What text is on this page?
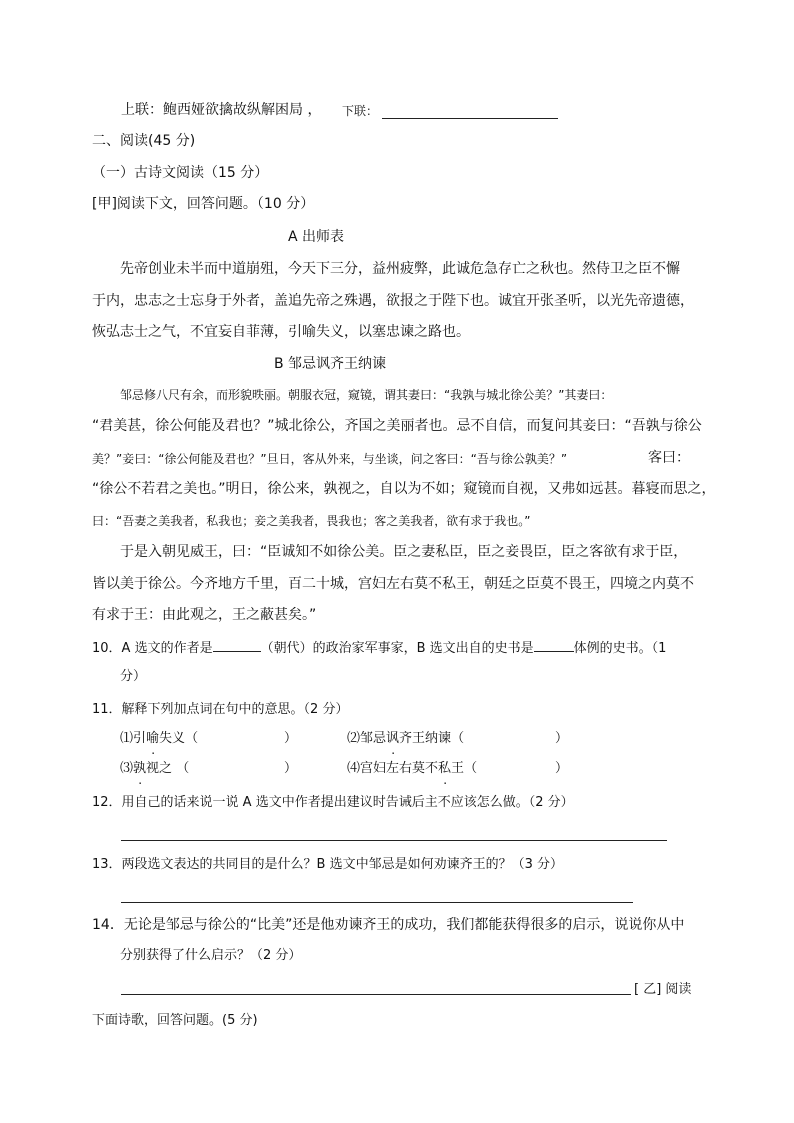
上联：鲍西娅欲擒故纵解困局 ， 下联：
二、阅读(45 分)
（一）古诗文阅读（15 分）
[甲]阅读下文，回答问题。（10 分）
A 出师表
先帝创业未半而中道崩殂，今天下三分，益州疲弊，此诚危急存亡之秋也。然侍卫之臣不懈
于内，忠志之士忘身于外者，盖追先帝之殊遇，欲报之于陛下也。诚宜开张圣听，以光先帝遗德，
恢弘志士之气，不宜妄自菲薄，引喻失义，以塞忠谏之路也。
B 邹忌讽齐王纳谏
邹忌修八尺有余，而形貌昳丽。朝服衣冠，窥镜，谓其妻曰：“我孰与城北徐公美？”其妻曰：
“君美甚，徐公何能及君也？”城北徐公，齐国之美丽者也。忌不自信，而复问其妾曰：“吾孰与徐公
美？”妾曰：“徐公何能及君也？”旦日，客从外来，与坐谈，问之客曰：“吾与徐公孰美？”	客曰：
“徐公不若君之美也。”明日，徐公来，孰视之，自以为不如；窥镜而自视，又弗如远甚。暮寝而思之，
曰：“吾妻之美我者，私我也；妾之美我者，畏我也；客之美我者，欲有求于我也。”
于是入朝见威王，曰：“臣诚知不如徐公美。臣之妻私臣，臣之妾畏臣，臣之客欲有求于臣，
皆以美于徐公。今齐地方千里，百二十城，宫妇左右莫不私王，朝廷之臣莫不畏王，四境之内莫不
有求于王：由此观之，王之蔽甚矣。”
10．A 选文的作者是	（朝代）的政治家军事家，B 选文出自的史书是	体例的史书。（1
分）
11．解释下列加点词在句中的意思。（2 分）
⑴引喻失义（	）	⑵邹忌讽齐王纳谏（	）
⑶孰视之 （	）	⑷宫妇左右莫不私王（	）
12．用自己的话来说一说 A 选文中作者提出建议时告诫后主不应该怎么做。（2 分）
13．两段选文表达的共同目的是什么？B 选文中邹忌是如何劝谏齐王的？（3 分）
14．无论是邹忌与徐公的“比美”还是他劝谏齐王的成功，我们都能获得很多的启示，说说你从中
分别获得了什么启示？（2 分）
[ 乙] 阅读
下面诗歌，回答问题。(5 分)
